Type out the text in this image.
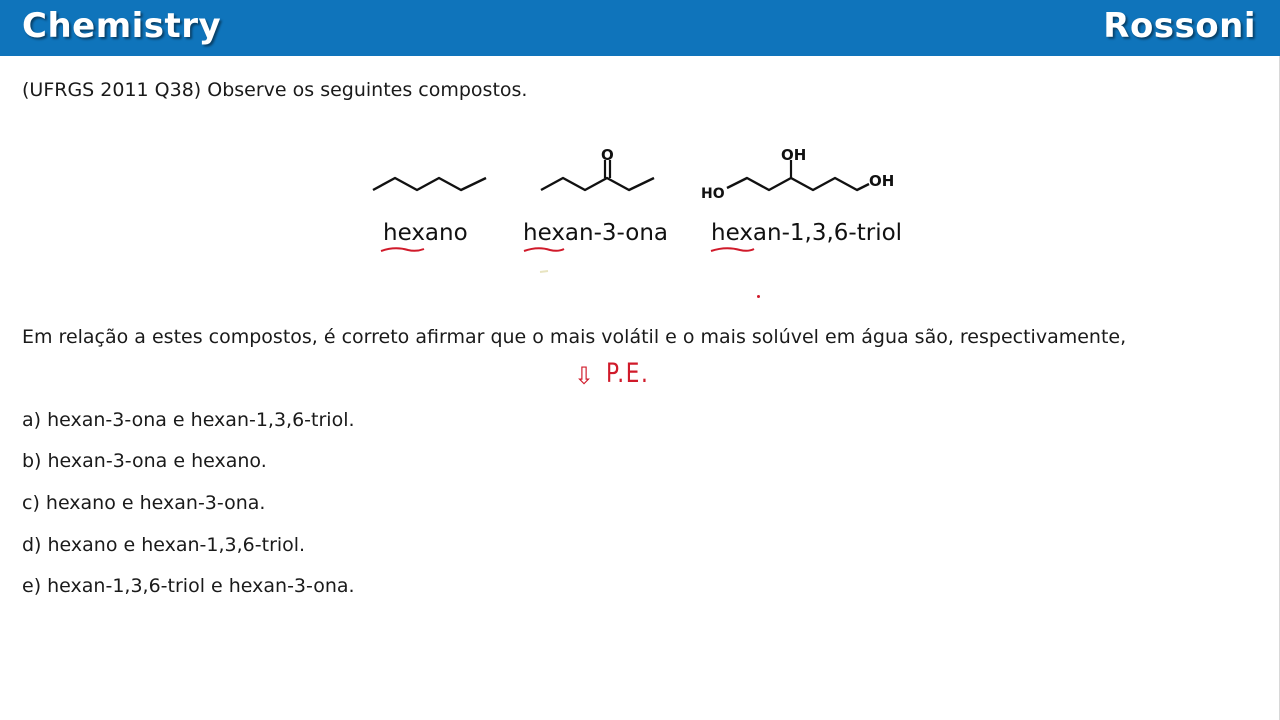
Chemistry	Rossoni
(UFRGS 2011 Q38) Observe os seguintes compostos.
O
HO
OH
OH
hexano hexan-3-ona hexan-1,3,6-triol
Em relação a estes compostos, é correto afirmar que o mais volátil e o mais solúvel em água são, respectivamente,
⇩ P.E.
a) hexan-3-ona e hexan-1,3,6-triol.
b) hexan-3-ona e hexano.
c) hexano e hexan-3-ona.
d) hexano e hexan-1,3,6-triol.
e) hexan-1,3,6-triol e hexan-3-ona.
